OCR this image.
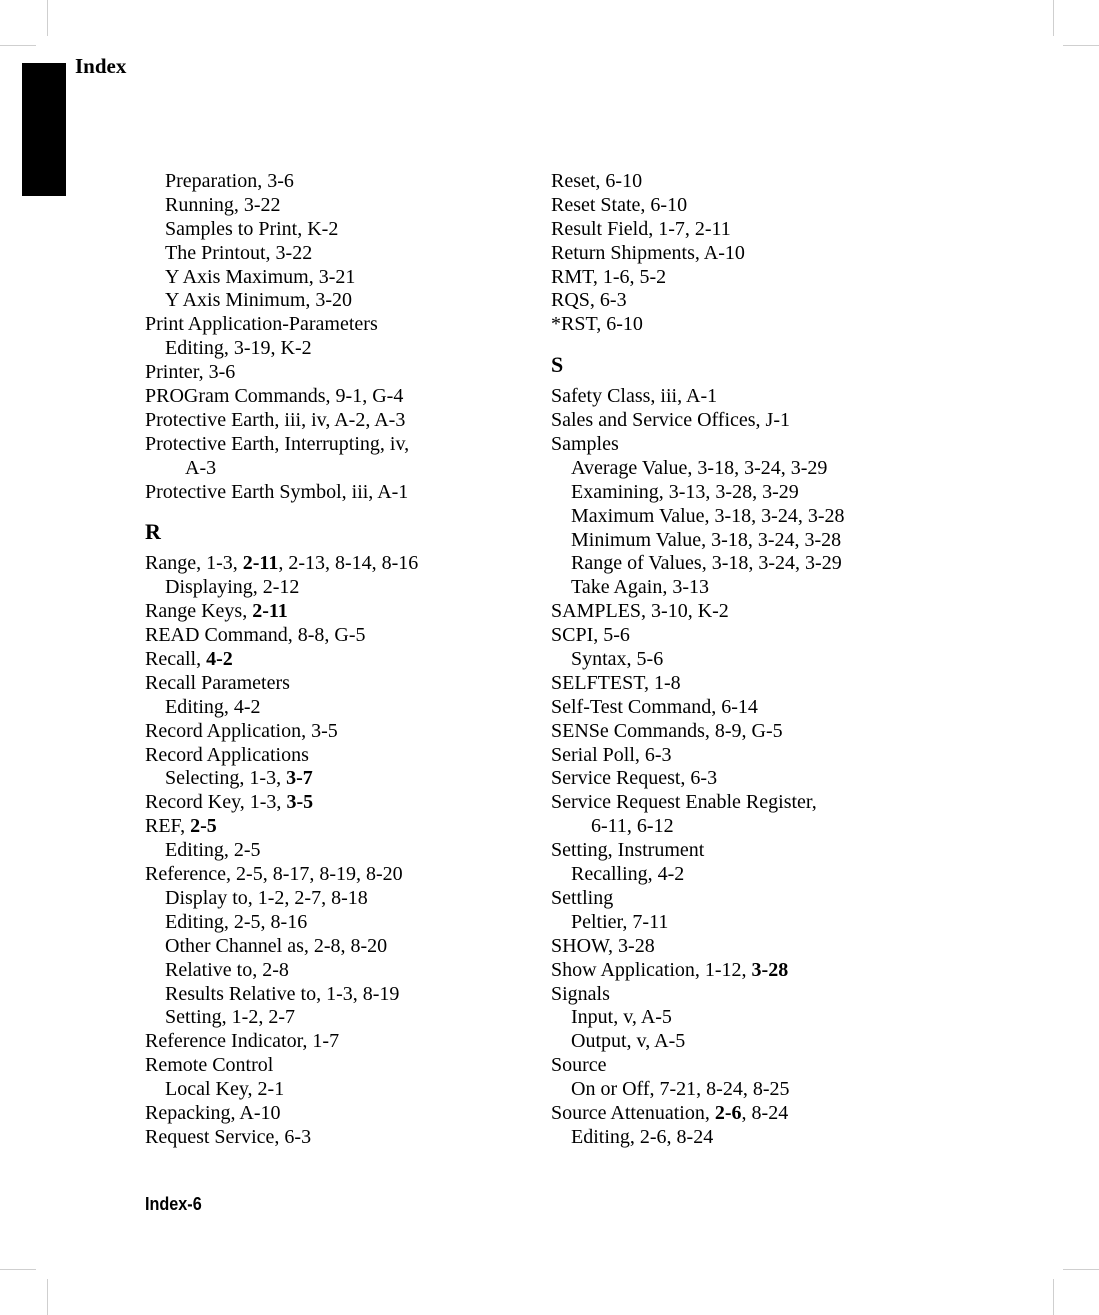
Index
Preparation, 3-6
Running, 3-22
Samples to Print, K-2
The Printout, 3-22
Y Axis Maximum, 3-21
Y Axis Minimum, 3-20
Print Application-Parameters
Editing, 3-19, K-2
Printer, 3-6
PROGram Commands, 9-1, G-4
Protective Earth, iii, iv, A-2, A-3
Protective Earth, Interrupting, iv,
A-3
Protective Earth Symbol, iii, A-1
R
Range, 1-3, 2-11, 2-13, 8-14, 8-16
Displaying, 2-12
Range Keys, 2-11
READ Command, 8-8, G-5
Recall, 4-2
Recall Parameters
Editing, 4-2
Record Application, 3-5
Record Applications
Selecting, 1-3, 3-7
Record Key, 1-3, 3-5
REF, 2-5
Editing, 2-5
Reference, 2-5, 8-17, 8-19, 8-20
Display to, 1-2, 2-7, 8-18
Editing, 2-5, 8-16
Other Channel as, 2-8, 8-20
Relative to, 2-8
Results Relative to, 1-3, 8-19
Setting, 1-2, 2-7
Reference Indicator, 1-7
Remote Control
Local Key, 2-1
Repacking, A-10
Request Service, 6-3
Reset, 6-10
Reset State, 6-10
Result Field, 1-7, 2-11
Return Shipments, A-10
RMT, 1-6, 5-2
RQS, 6-3
*RST, 6-10
S
Safety Class, iii, A-1
Sales and Service Offices, J-1
Samples
Average Value, 3-18, 3-24, 3-29
Examining, 3-13, 3-28, 3-29
Maximum Value, 3-18, 3-24, 3-28
Minimum Value, 3-18, 3-24, 3-28
Range of Values, 3-18, 3-24, 3-29
Take Again, 3-13
SAMPLES, 3-10, K-2
SCPI, 5-6
Syntax, 5-6
SELFTEST, 1-8
Self-Test Command, 6-14
SENSe Commands, 8-9, G-5
Serial Poll, 6-3
Service Request, 6-3
Service Request Enable Register,
6-11, 6-12
Setting, Instrument
Recalling, 4-2
Settling
Peltier, 7-11
SHOW, 3-28
Show Application, 1-12, 3-28
Signals
Input, v, A-5
Output, v, A-5
Source
On or Off, 7-21, 8-24, 8-25
Source Attenuation, 2-6, 8-24
Editing, 2-6, 8-24
Index-6
